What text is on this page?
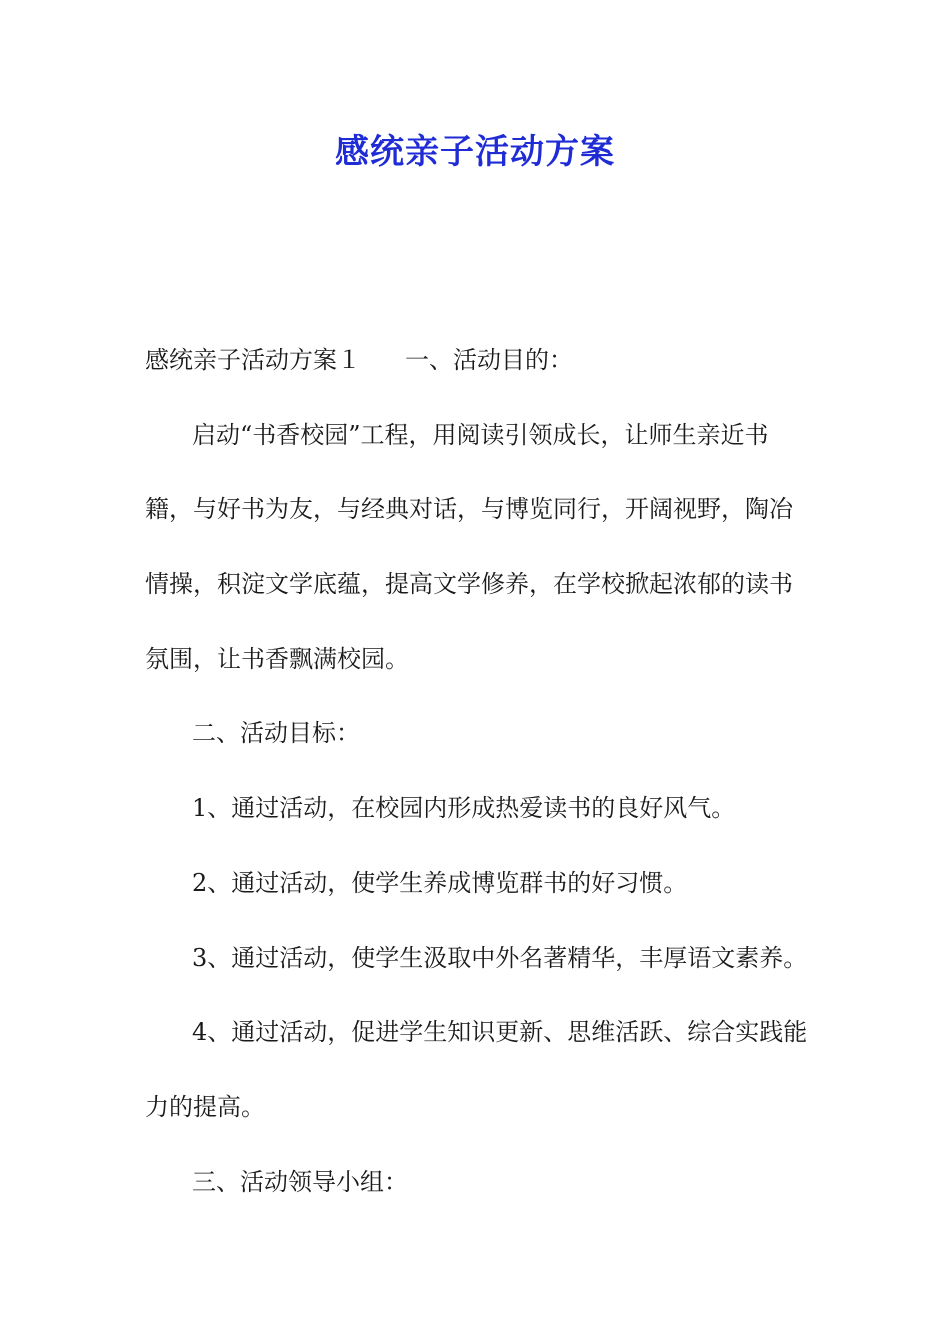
感统亲子活动方案
感统亲子活动方案１ 一、活动目的：
启动“书香校园”工程，用阅读引领成长，让师生亲近书
籍，与好书为友，与经典对话，与博览同行，开阔视野，陶冶
情操，积淀文学底蕴，提高文学修养，在学校掀起浓郁的读书
氛围，让书香飘满校园。
二、活动目标：
1、通过活动，在校园内形成热爱读书的良好风气。
2、通过活动，使学生养成博览群书的好习惯。
3、通过活动，使学生汲取中外名著精华，丰厚语文素养。
4、通过活动，促进学生知识更新、思维活跃、综合实践能
力的提高。
三、活动领导小组：
